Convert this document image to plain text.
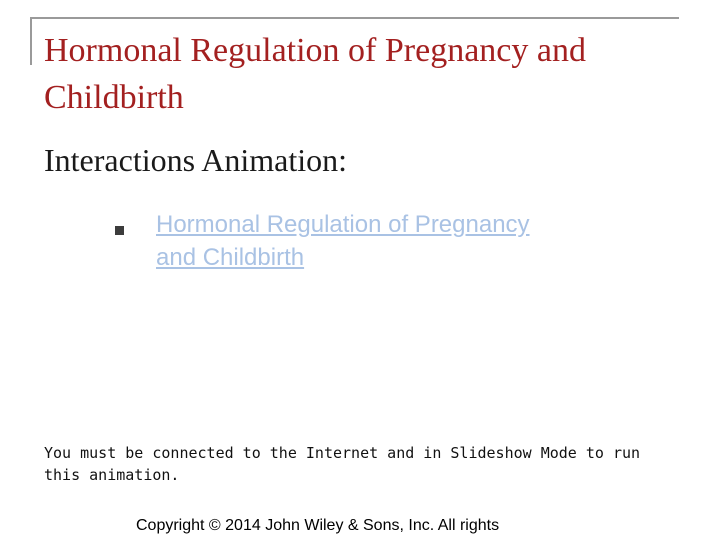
Hormonal Regulation of Pregnancy and Childbirth
Interactions Animation:
Hormonal Regulation of Pregnancy and Childbirth

You must be connected to the Internet and in Slideshow Mode to run this animation.

Copyright © 2014 John Wiley & Sons, Inc. All rights
